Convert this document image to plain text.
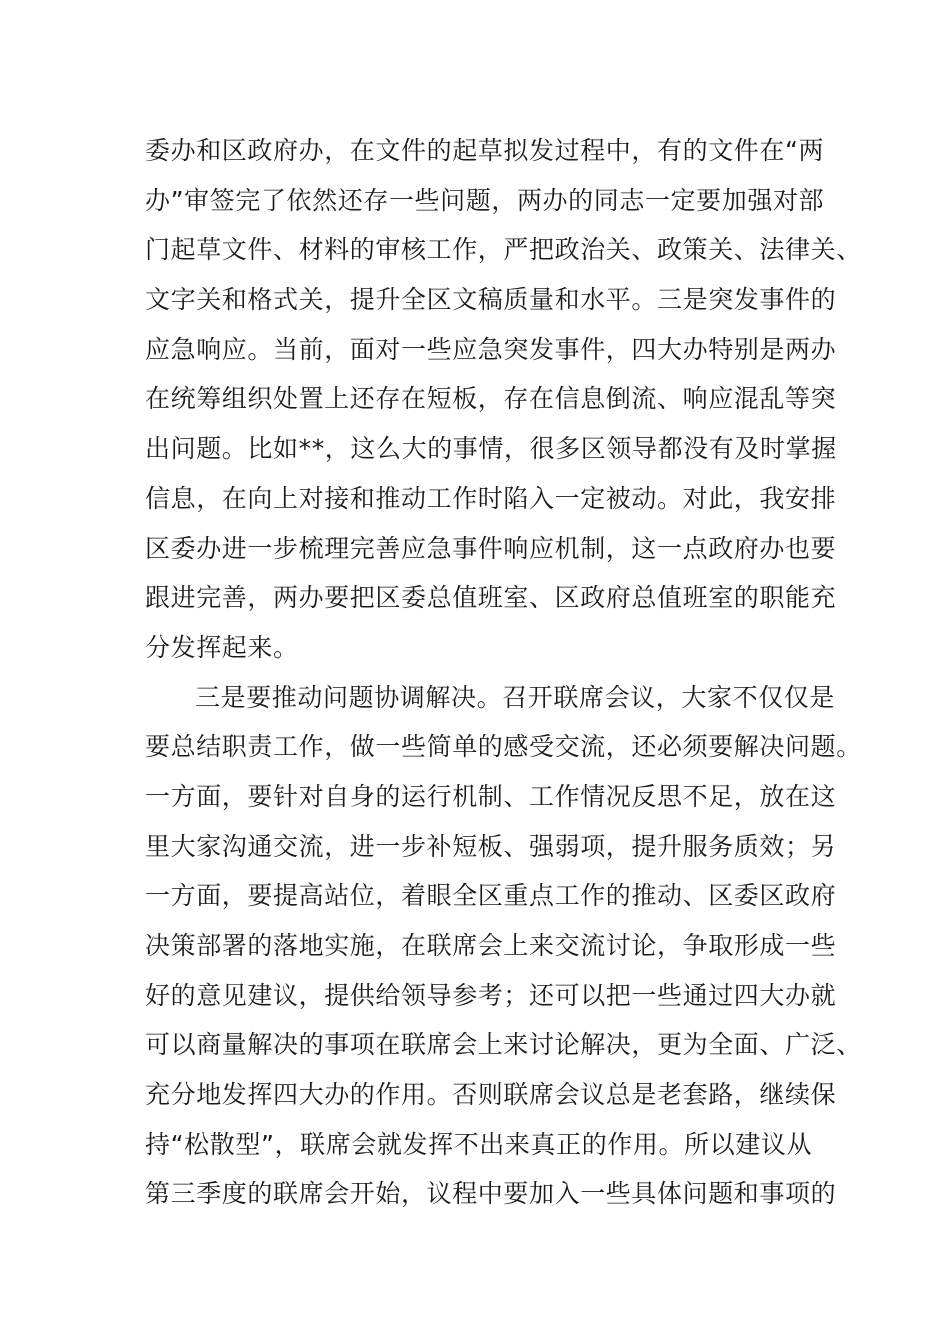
委办和区政府办，在文件的起草拟发过程中，有的文件在“两
办”审签完了依然还存一些问题，两办的同志一定要加强对部
门起草文件、材料的审核工作，严把政治关、政策关、法律关、
文字关和格式关，提升全区文稿质量和水平。三是突发事件的
应急响应。当前，面对一些应急突发事件，四大办特别是两办
在统筹组织处置上还存在短板，存在信息倒流、响应混乱等突
出问题。比如**，这么大的事情，很多区领导都没有及时掌握
信息，在向上对接和推动工作时陷入一定被动。对此，我安排
区委办进一步梳理完善应急事件响应机制，这一点政府办也要
跟进完善，两办要把区委总值班室、区政府总值班室的职能充
分发挥起来。
三是要推动问题协调解决。召开联席会议，大家不仅仅是
要总结职责工作，做一些简单的感受交流，还必须要解决问题。
一方面，要针对自身的运行机制、工作情况反思不足，放在这
里大家沟通交流，进一步补短板、强弱项，提升服务质效；另
一方面，要提高站位，着眼全区重点工作的推动、区委区政府
决策部署的落地实施，在联席会上来交流讨论，争取形成一些
好的意见建议，提供给领导参考；还可以把一些通过四大办就
可以商量解决的事项在联席会上来讨论解决，更为全面、广泛、
充分地发挥四大办的作用。否则联席会议总是老套路，继续保
持“松散型”，联席会就发挥不出来真正的作用。所以建议从
第三季度的联席会开始，议程中要加入一些具体问题和事项的
